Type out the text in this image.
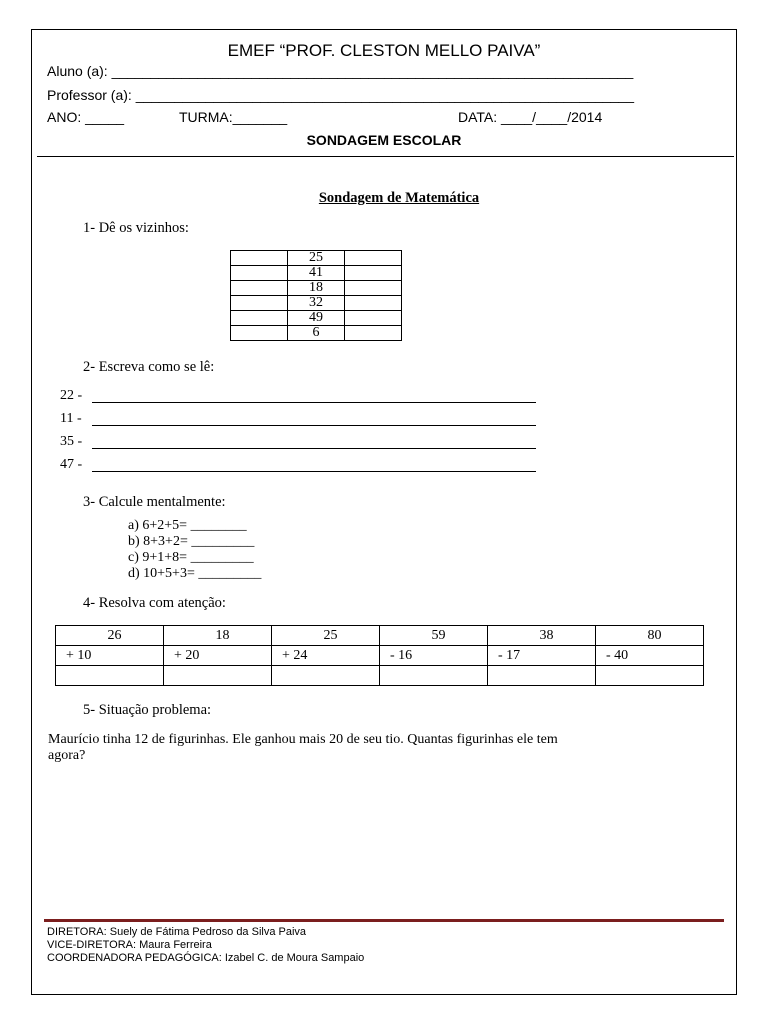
EMEF “PROF. CLESTON MELLO PAIVA”
Aluno (a): ___________________________________________________________________
Professor (a): ________________________________________________________________
ANO: _____	TURMA:_______	DATA: ____/____/2014
SONDAGEM ESCOLAR
Sondagem de Matemática
1- Dê os vizinhos:
	25	
	41	
	18	
	32	
	49	
	6	
2- Escreva como se lê:
22 -
11 -
35 -
47 -
3- Calcule mentalmente:
a) 6+2+5= ________
b) 8+3+2= _________
c) 9+1+8= _________
d) 10+5+3= _________
4- Resolva com atenção:
26	18	25	59	38	80
+ 10	+ 20	+ 24	- 16	- 17	- 40

5- Situação problema:
Maurício tinha 12 de figurinhas. Ele ganhou mais 20 de seu tio. Quantas figurinhas ele tem
agora?
DIRETORA: Suely de Fátima Pedroso da Silva Paiva
VICE-DIRETORA: Maura Ferreira
COORDENADORA PEDAGÓGICA: Izabel C. de Moura Sampaio
